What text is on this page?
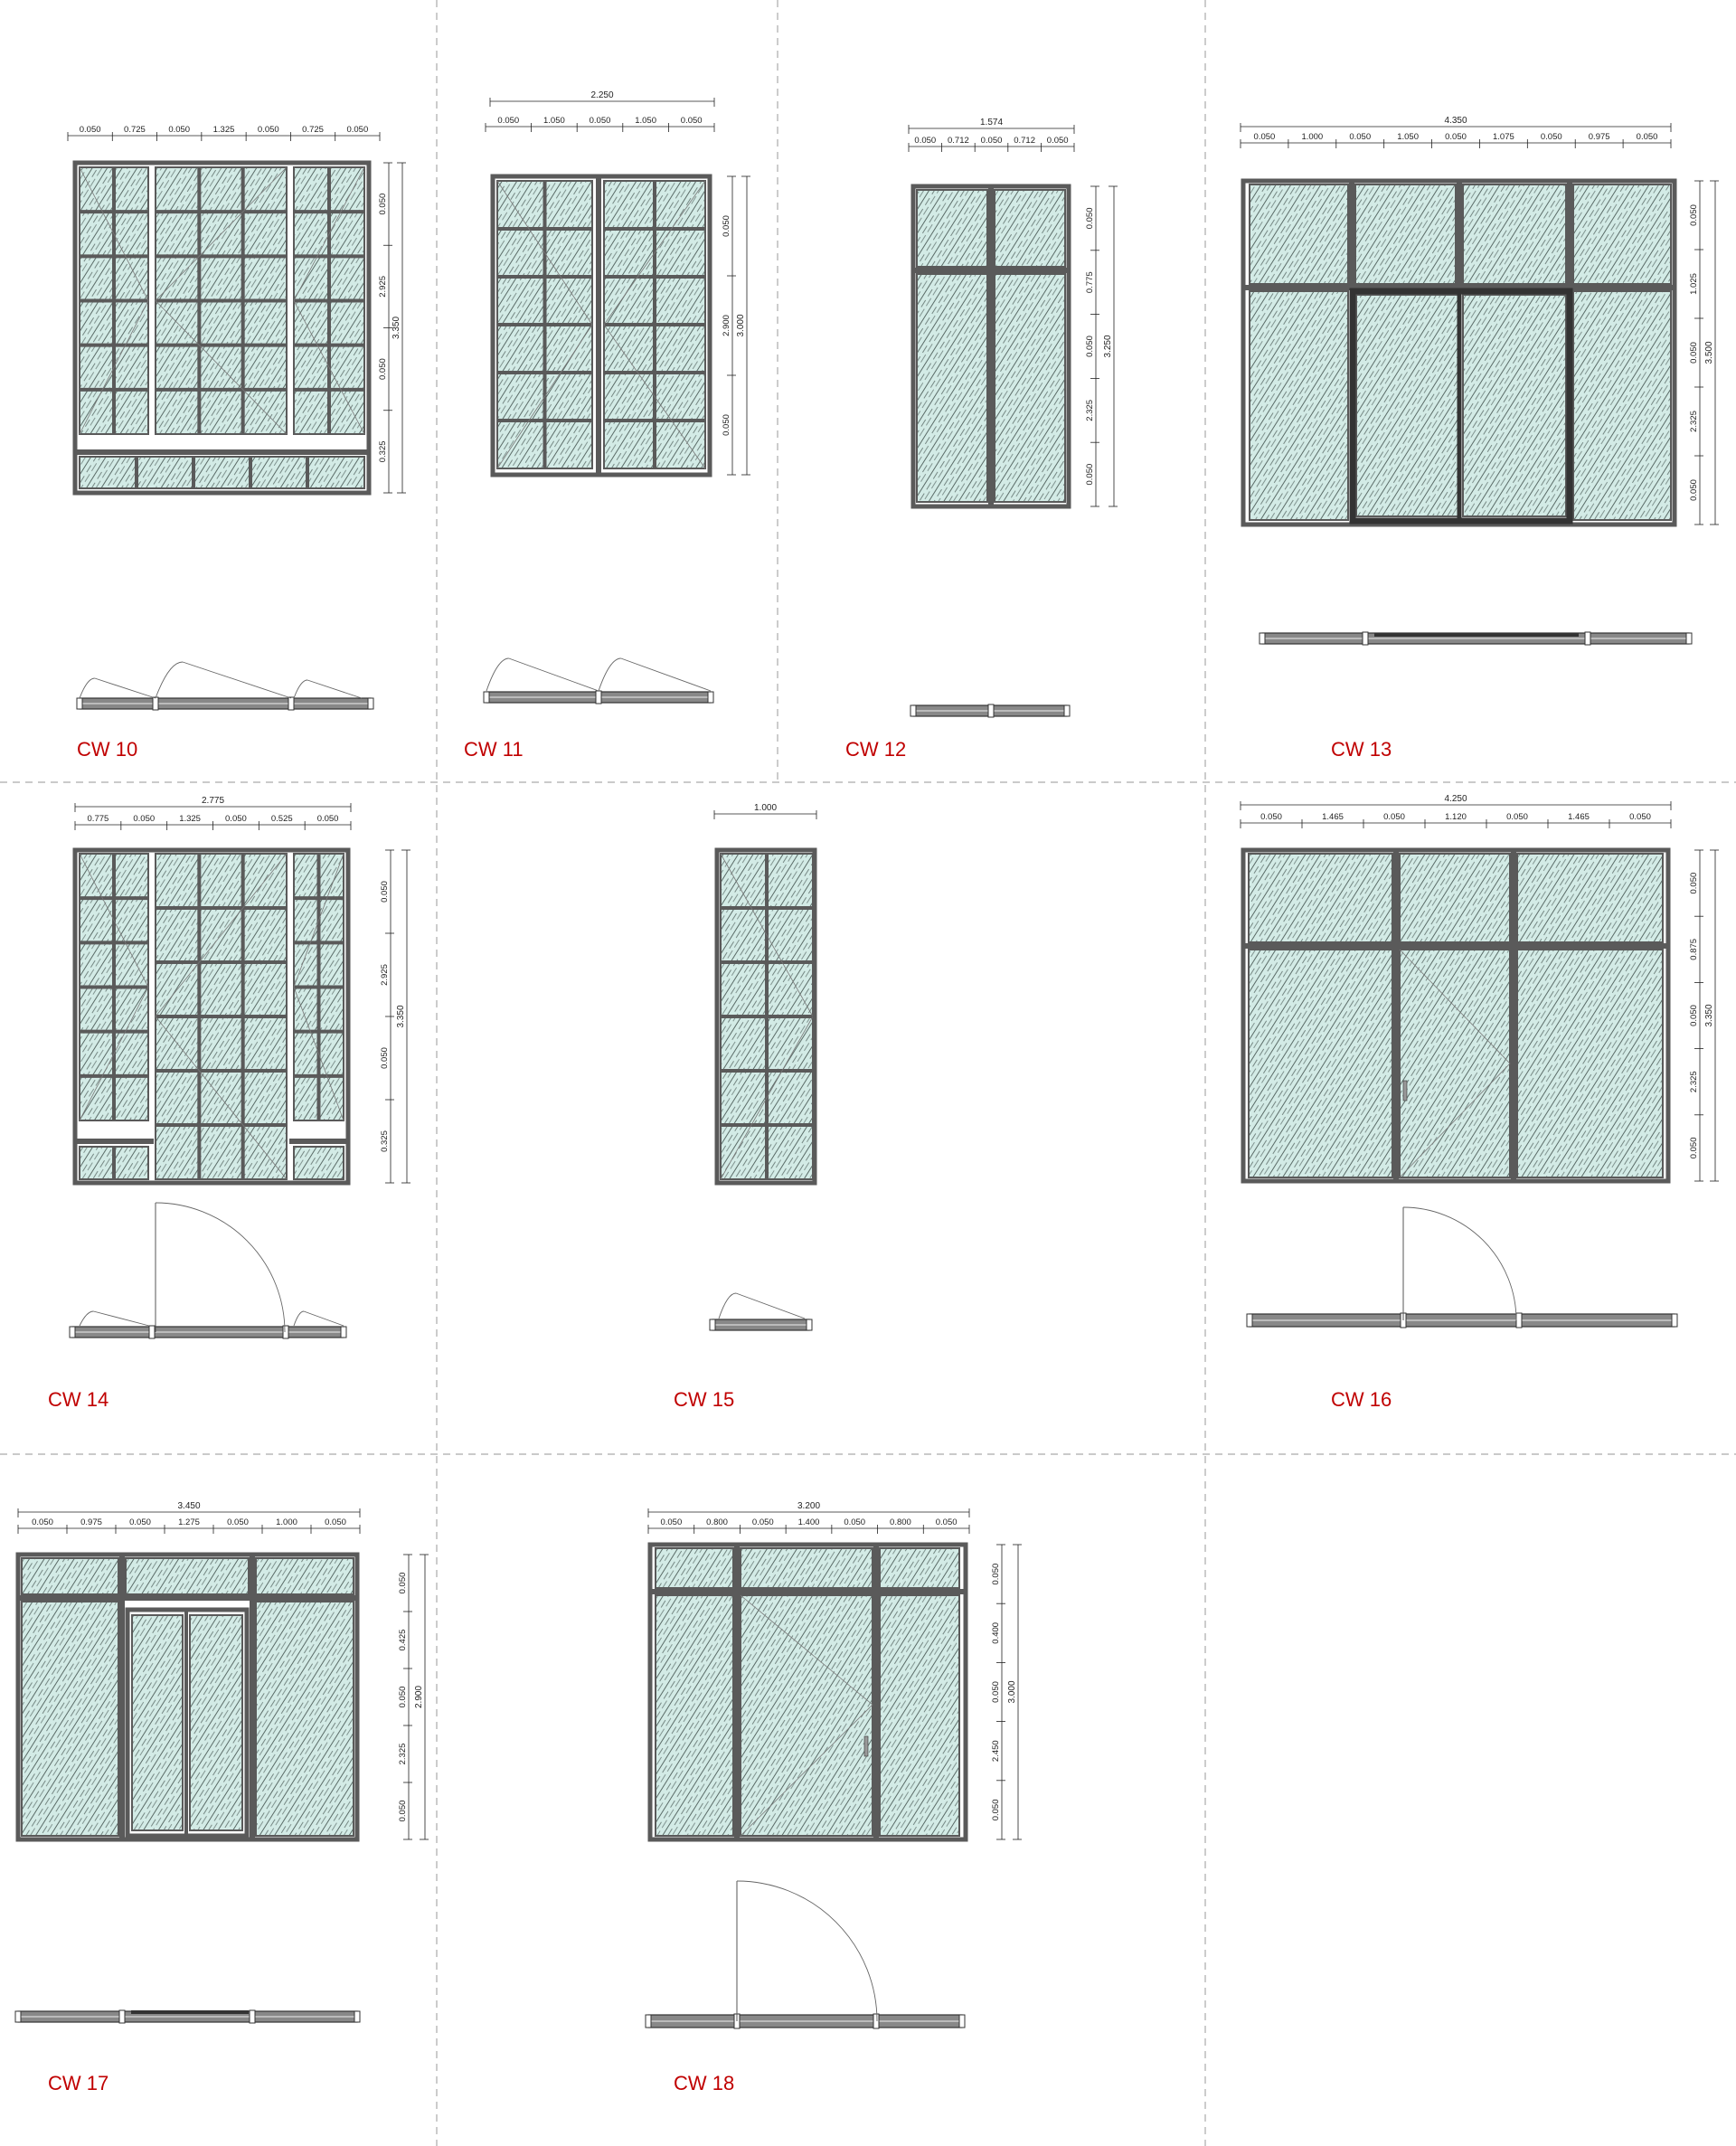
0.050	0.725	0.050	1.325	0.050	0.725	0.050
0.050
2.925
0.050
0.325
3.350
CW 10
2.250
0.050	1.050	0.050	1.050	0.050
0.050
2.900
0.050
3.000
CW 11
1.574
0.050 0.712 0.050 0.712 0.050
0.050
0.775
0.050
2.325
0.050
3.250
CW 12
4.350
0.050	1.000	0.050	1.050	0.050	1.075	0.050	0.975	0.050
0.050
1.025
0.050
2.325
0.050
3.500
CW 13
2.775
0.775	0.050	1.325	0.050	0.525	0.050
0.050
2.925
0.050
0.325
3.350
CW 14
1.000
CW 15
4.250
0.050	1.465	0.050	1.120	0.050	1.465	0.050
0.050
0.875
0.050
2.325
0.050
3.350
CW 16
3.450
0.050	0.975	0.050	1.275	0.050	1.000	0.050
0.050
0.425
0.050
2.325
0.050
2.900
CW 17
3.200
0.050	0.800	0.050	1.400	0.050	0.800	0.050
0.050
0.400
0.050
2.450
0.050
3.000
CW 18
